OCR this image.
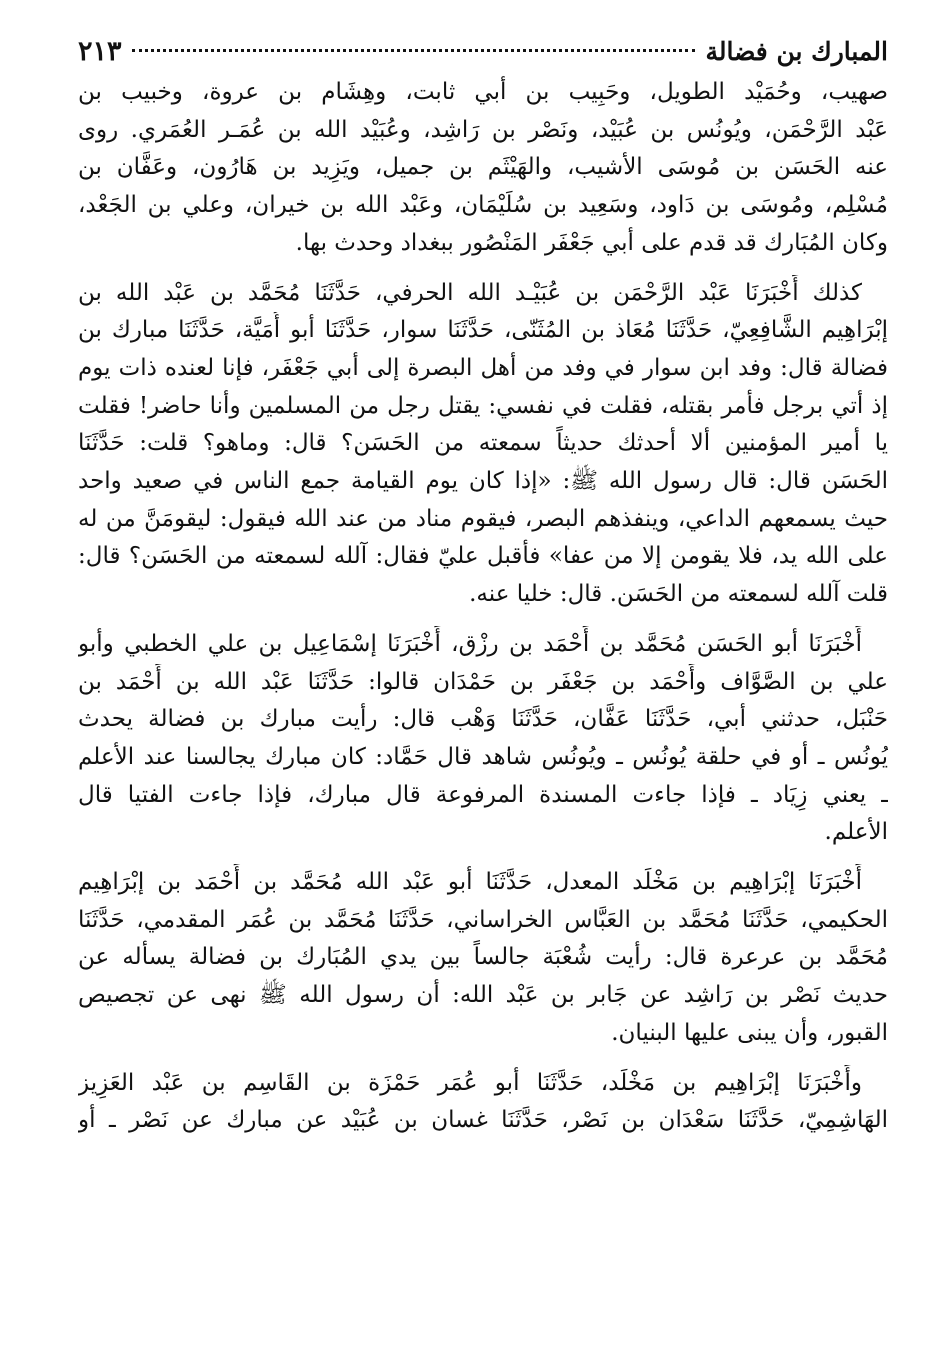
المبارك بن فضالة
٢١٣

صهيب، وحُمَيْد الطويل، وحَبِيب بن أبي ثابت، وهِشَام بن عروة، وخبيب بن
عَبْد الرَّحْمَن، ويُونُس بن عُبَيْد، ونَصْر بن رَاشِد، وعُبَيْد الله بن عُمَـر العُمَري. روى
عنه الحَسَن بن مُوسَى الأشيب، والهَيْثَم بن جميل، ويَزِيد بن هَارُون، وعَفَّان بن
مُسْلِم، ومُوسَى بن دَاود، وسَعِيد بن سُلَيْمَان، وعَبْد الله بن خيران، وعلي بن الجَعْد،
وكان المُبَارك قد قدم على أبي جَعْفَر المَنْصُور ببغداد وحدث بها.

كذلك أَخْبَرَنَا عَبْد الرَّحْمَن بن عُبَيْـد الله الحرفي، حَدَّثَنَا مُحَمَّد بن عَبْد الله بن
إبْرَاهِيم الشَّافِعِيّ، حَدَّثَنَا مُعَاذ بن المُثَنّى، حَدَّثَنَا سوار، حَدَّثَنَا أبو أُمَيَّة، حَدَّثَنَا مبارك بن
فضالة قال: وفد ابن سوار في وفد من أهل البصرة إلى أبي جَعْفَر، فإنا لعنده ذات يوم
إذ أتي برجل فأمر بقتله، فقلت في نفسي: يقتل رجل من المسلمين وأنا حاضر! فقلت
يا أمير المؤمنين ألا أحدثك حديثاً سمعته من الحَسَن؟ قال: وماهو؟ قلت: حَدَّثَنَا
الحَسَن قال: قال رسول الله ﷺ: «إذا كان يوم القيامة جمع الناس في صعيد واحد
حيث يسمعهم الداعي، وينفذهم البصر، فيقوم مناد من عند الله فيقول: ليقومَنَّ من له
على الله يد، فلا يقومن إلا من عفا» فأقبل عليّ فقال: آلله لسمعته من الحَسَن؟ قال:
قلت آلله لسمعته من الحَسَن. قال: خليا عنه.

أَخْبَرَنَا أبو الحَسَن مُحَمَّد بن أَحْمَد بن رزْق، أَخْبَرَنَا إسْمَاعِيل بن علي الخطبي وأبو
علي بن الصَّوَّاف وأَحْمَد بن جَعْفَر بن حَمْدَان قالوا: حَدَّثَنَا عَبْد الله بن أَحْمَد بن
حَنْبَل، حدثني أبي، حَدَّثَنَا عَفَّان، حَدَّثَنَا وَهْب قال: رأيت مبارك بن فضالة يحدث
يُونُس ـ أو في حلقة يُونُس ـ ويُونُس شاهد قال حَمَّاد: كان مبارك يجالسنا عند الأعلم
ـ يعني زِيَاد ـ فإذا جاءت المسندة المرفوعة قال مبارك، فإذا جاءت الفتيا قال
الأعلم.

أَخْبَرَنَا إبْرَاهِيم بن مَخْلَد المعدل، حَدَّثَنَا أبو عَبْد الله مُحَمَّد بن أَحْمَد بن إبْرَاهِيم
الحكيمي، حَدَّثَنَا مُحَمَّد بن العَبَّاس الخراساني، حَدَّثَنَا مُحَمَّد بن عُمَر المقدمي، حَدَّثَنَا
مُحَمَّد بن عرعرة قال: رأيت شُعْبَة جالساً بين يدي المُبَارك بن فضالة يسأله عن
حديث نَصْر بن رَاشِد عن جَابر بن عَبْد الله: أن رسول الله ﷺ نهى عن تجصيص
القبور، وأن يبنى عليها البنيان.

وأَخْبَرَنَا إبْرَاهِيم بن مَخْلَد، حَدَّثَنَا أبو عُمَر حَمْزَة بن القَاسِم بن عَبْد العَزِيز
الهَاشِمِيّ، حَدَّثَنَا سَعْدَان بن نَصْر، حَدَّثَنَا غسان بن عُبَيْد عن مبارك عن نَصْر ـ أو
